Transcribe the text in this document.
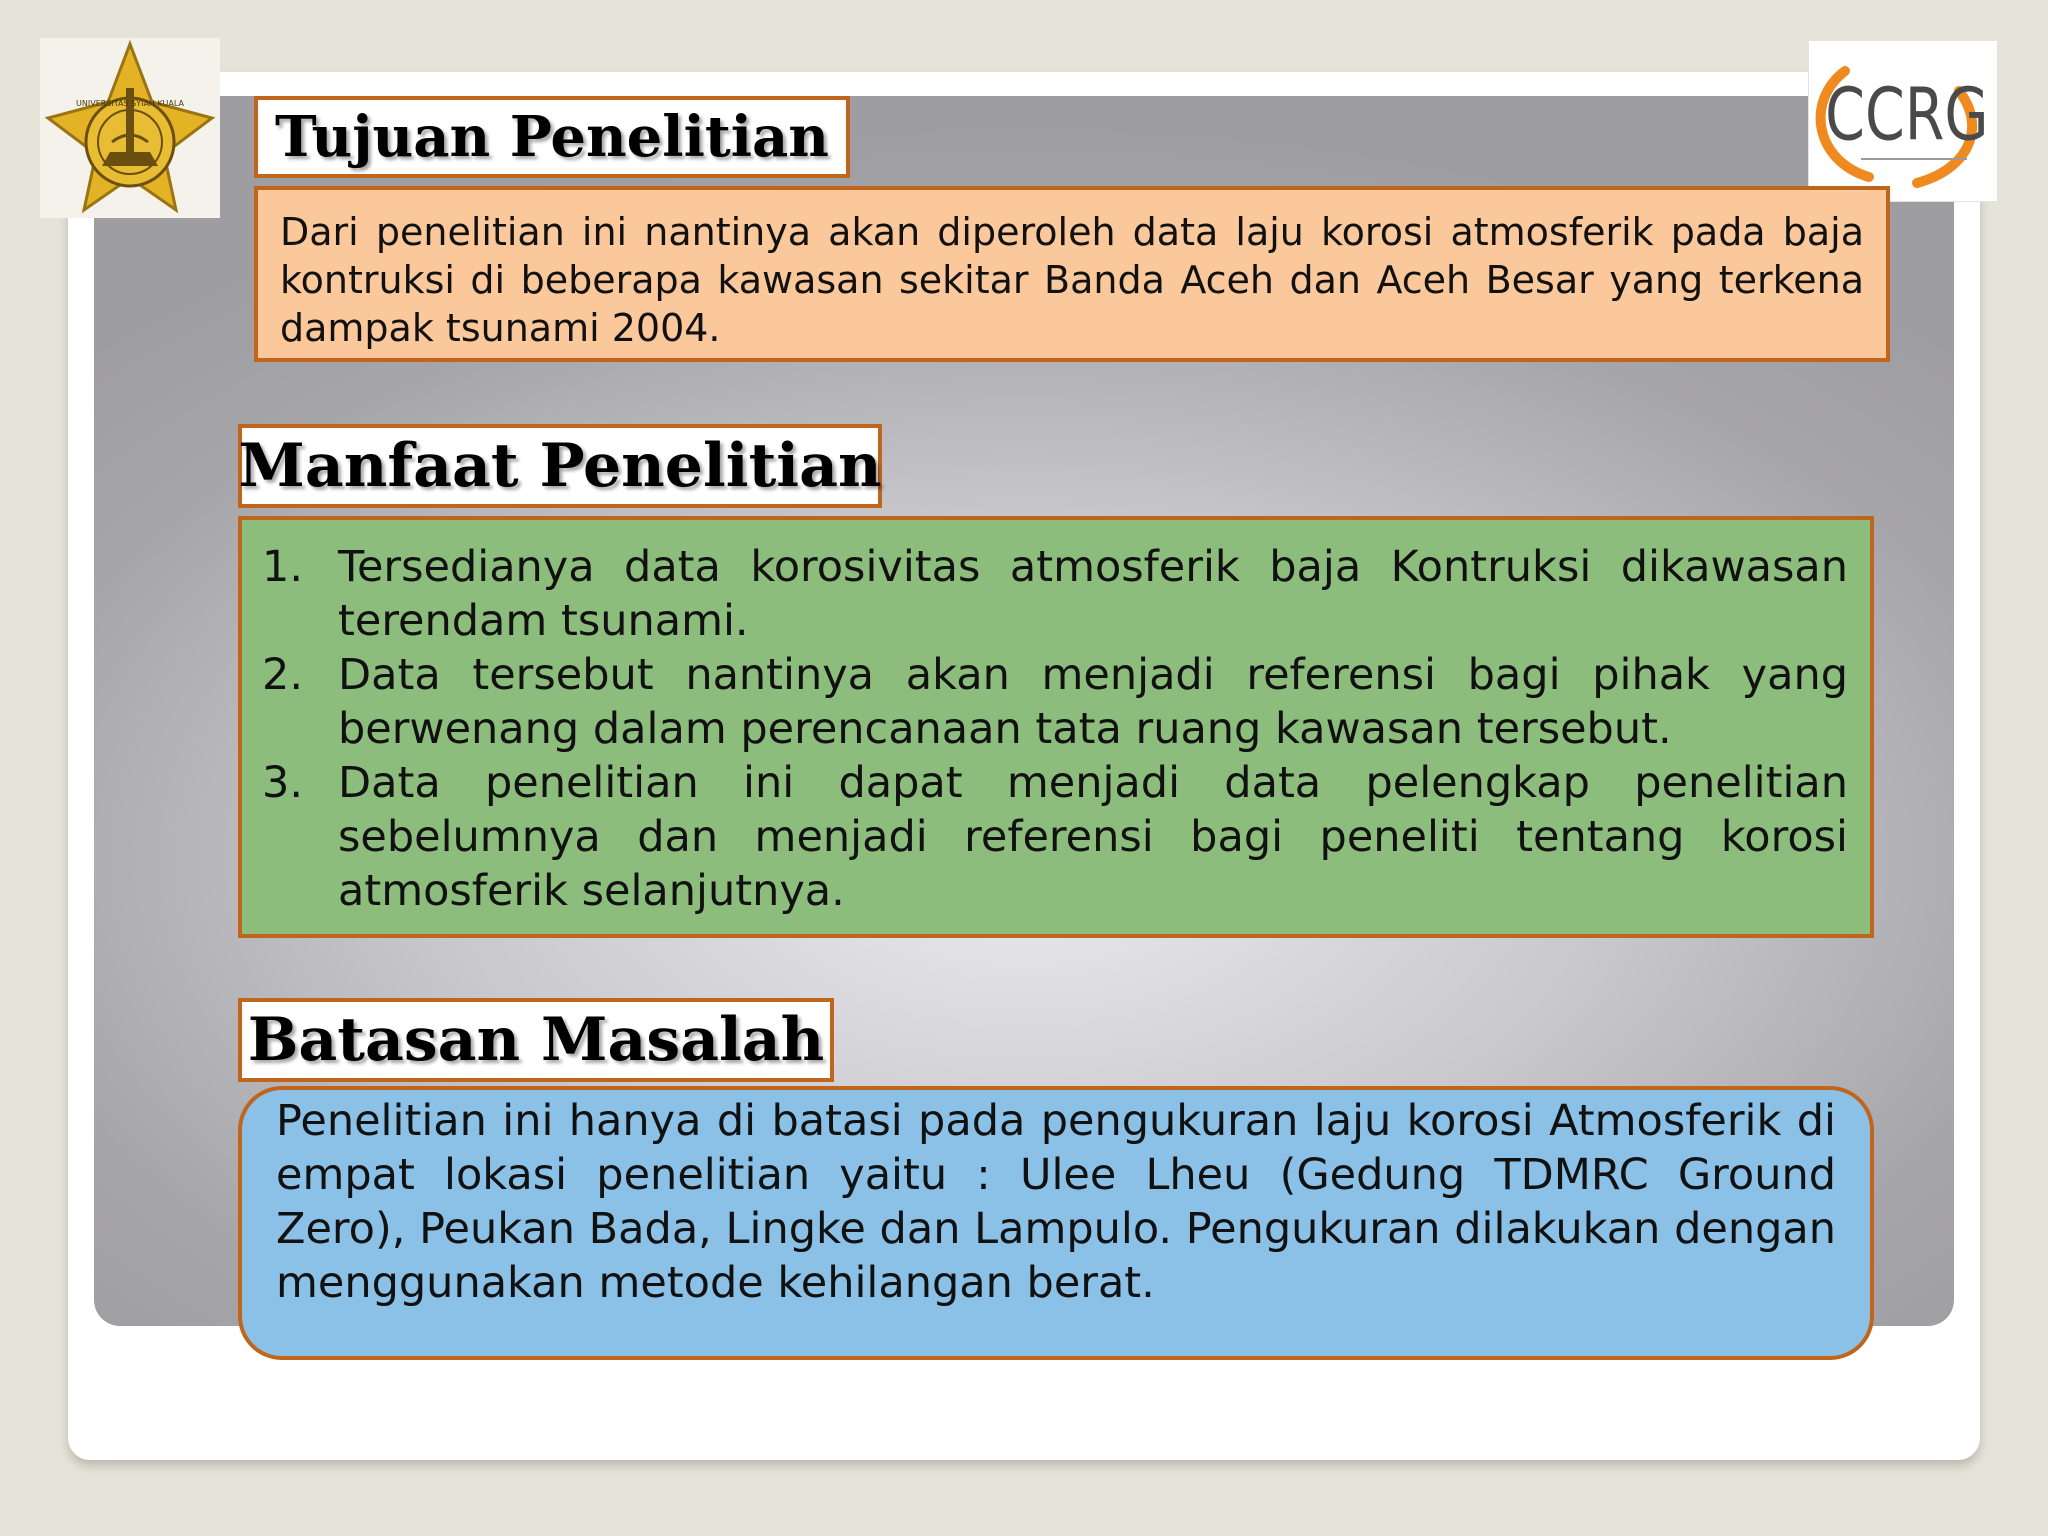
UNIVERSITAS SYIAH KUALA	CCRG
Tujuan Penelitian
Dari penelitian ini nantinya akan diperoleh data laju korosi atmosferik pada baja kontruksi di beberapa kawasan sekitar Banda Aceh dan Aceh Besar yang terkena dampak tsunami 2004.
Manfaat Penelitian
1. Tersedianya data korosivitas atmosferik baja Kontruksi dikawasan terendam tsunami.
2. Data tersebut nantinya akan menjadi referensi bagi pihak yang berwenang dalam perencanaan tata ruang kawasan tersebut.
3. Data penelitian ini dapat menjadi data pelengkap penelitian sebelumnya dan menjadi referensi bagi peneliti tentang korosi atmosferik selanjutnya.
Batasan Masalah
Penelitian ini hanya di batasi pada pengukuran laju korosi Atmosferik di empat lokasi penelitian yaitu : Ulee Lheu (Gedung TDMRC Ground Zero), Peukan Bada, Lingke dan Lampulo. Pengukuran dilakukan dengan menggunakan metode kehilangan berat.
